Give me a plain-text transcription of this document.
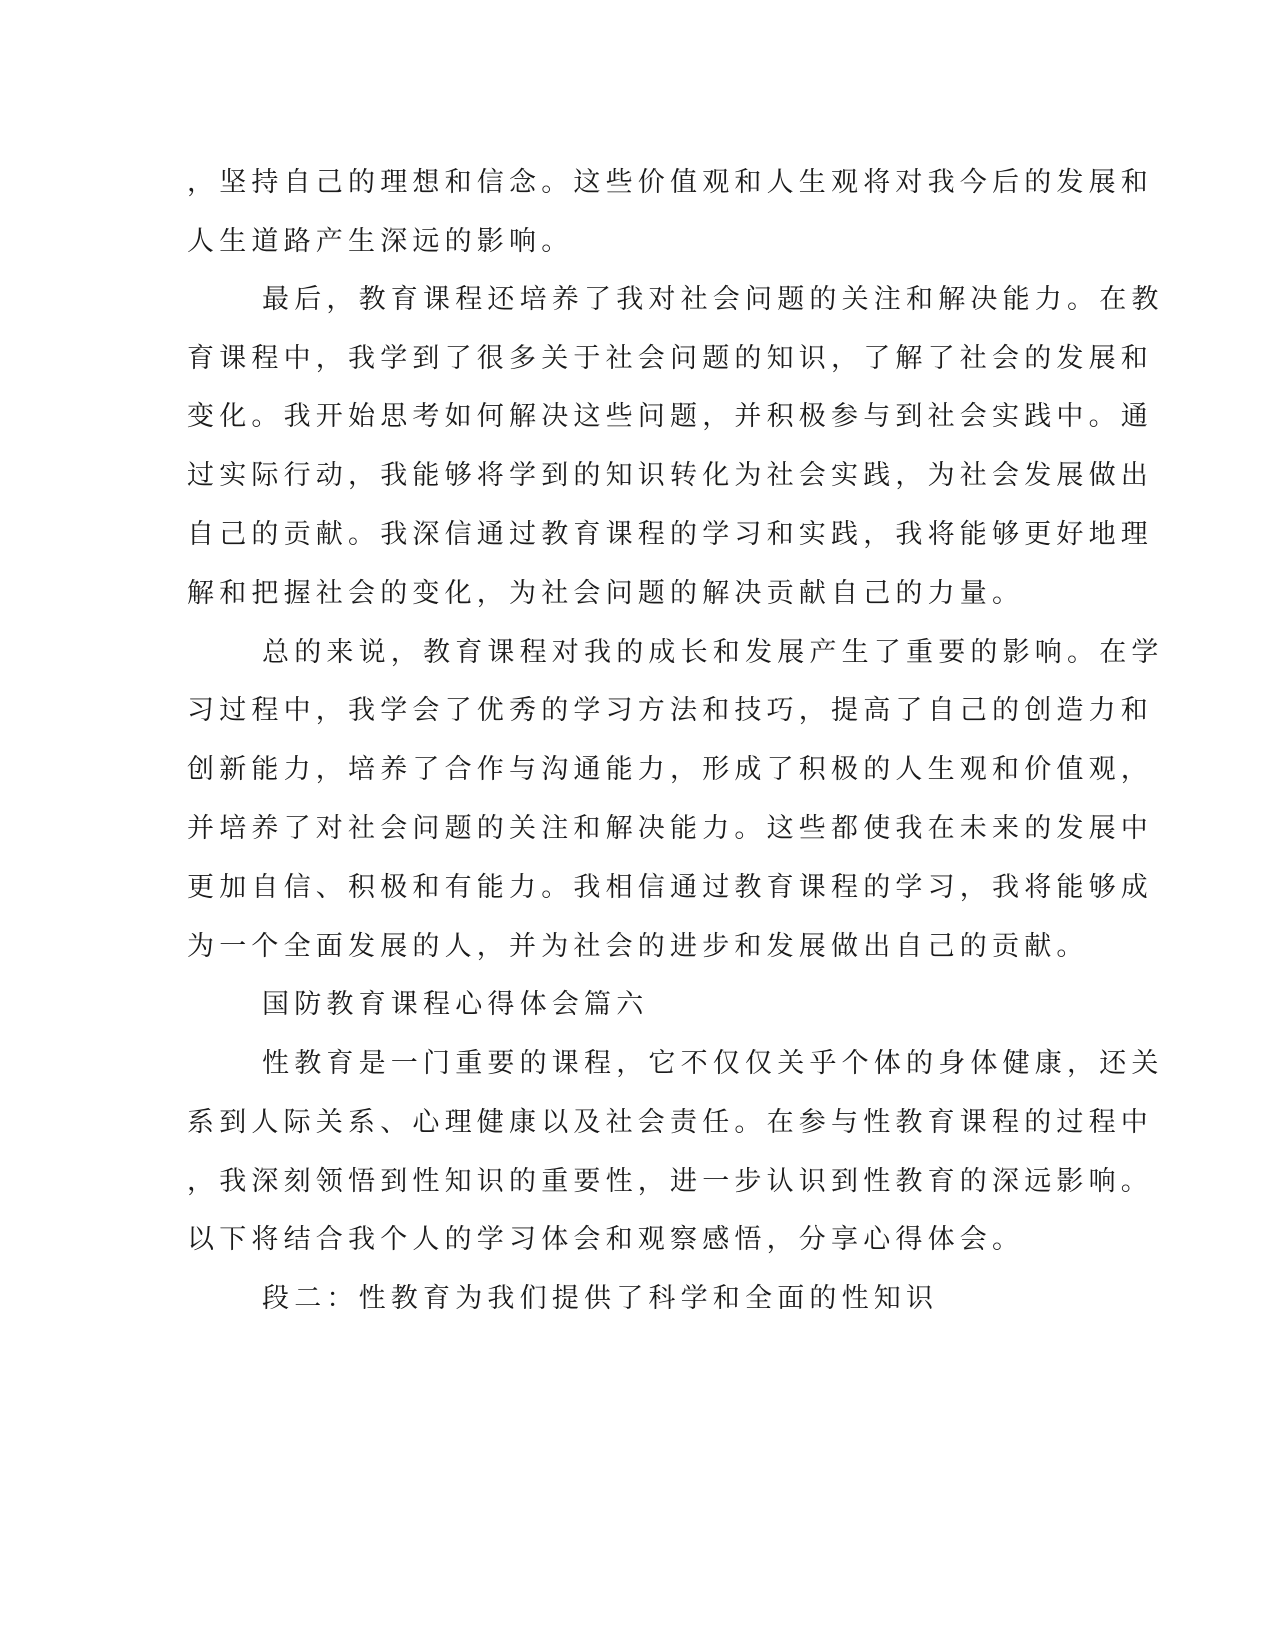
，坚持自己的理想和信念。这些价值观和人生观将对我今后的发展和
人生道路产生深远的影响。
最后，教育课程还培养了我对社会问题的关注和解决能力。在教
育课程中，我学到了很多关于社会问题的知识，了解了社会的发展和
变化。我开始思考如何解决这些问题，并积极参与到社会实践中。通
过实际行动，我能够将学到的知识转化为社会实践，为社会发展做出
自己的贡献。我深信通过教育课程的学习和实践，我将能够更好地理
解和把握社会的变化，为社会问题的解决贡献自己的力量。
总的来说，教育课程对我的成长和发展产生了重要的影响。在学
习过程中，我学会了优秀的学习方法和技巧，提高了自己的创造力和
创新能力，培养了合作与沟通能力，形成了积极的人生观和价值观，
并培养了对社会问题的关注和解决能力。这些都使我在未来的发展中
更加自信、积极和有能力。我相信通过教育课程的学习，我将能够成
为一个全面发展的人，并为社会的进步和发展做出自己的贡献。
国防教育课程心得体会篇六
性教育是一门重要的课程，它不仅仅关乎个体的身体健康，还关
系到人际关系、心理健康以及社会责任。在参与性教育课程的过程中
，我深刻领悟到性知识的重要性，进一步认识到性教育的深远影响。
以下将结合我个人的学习体会和观察感悟，分享心得体会。
段二：性教育为我们提供了科学和全面的性知识
